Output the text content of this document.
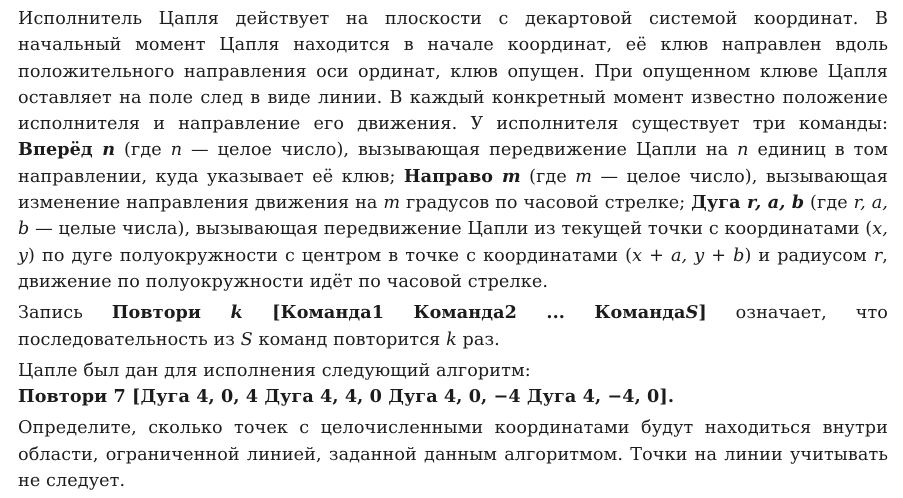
Исполнитель Цапля действует на плоскости с декартовой системой координат. В начальный момент Цапля находится в начале координат, её клюв направлен вдоль положительного направления оси ординат, клюв опущен. При опущенном клюве Цапля оставляет на поле след в виде линии. В каждый конкретный момент известно положение исполнителя и направление его движения. У исполнителя существует три команды: Вперёд n (где n — целое число), вызывающая передвижение Цапли на n единиц в том направлении, куда указывает её клюв; Направо m (где m — целое число), вызывающая изменение направления движения на m градусов по часовой стрелке; Дуга r, a, b (где r, a, b — целые числа), вызывающая передвижение Цапли из текущей точки с координатами (x, y) по дуге полуокружности с центром в точке с координатами (x + a, y + b) и радиусом r, движение по полуокружности идёт по часовой стрелке.

Запись Повтори k [Команда1 Команда2 ... КомандаS] означает, что последовательность из S команд повторится k раз.

Цапле был дан для исполнения следующий алгоритм:

Повтори 7 [Дуга 4, 0, 4 Дуга 4, 4, 0 Дуга 4, 0, −4 Дуга 4, −4, 0].

Определите, сколько точек с целочисленными координатами будут находиться внутри области, ограниченной линией, заданной данным алгоритмом. Точки на линии учитывать не следует.
